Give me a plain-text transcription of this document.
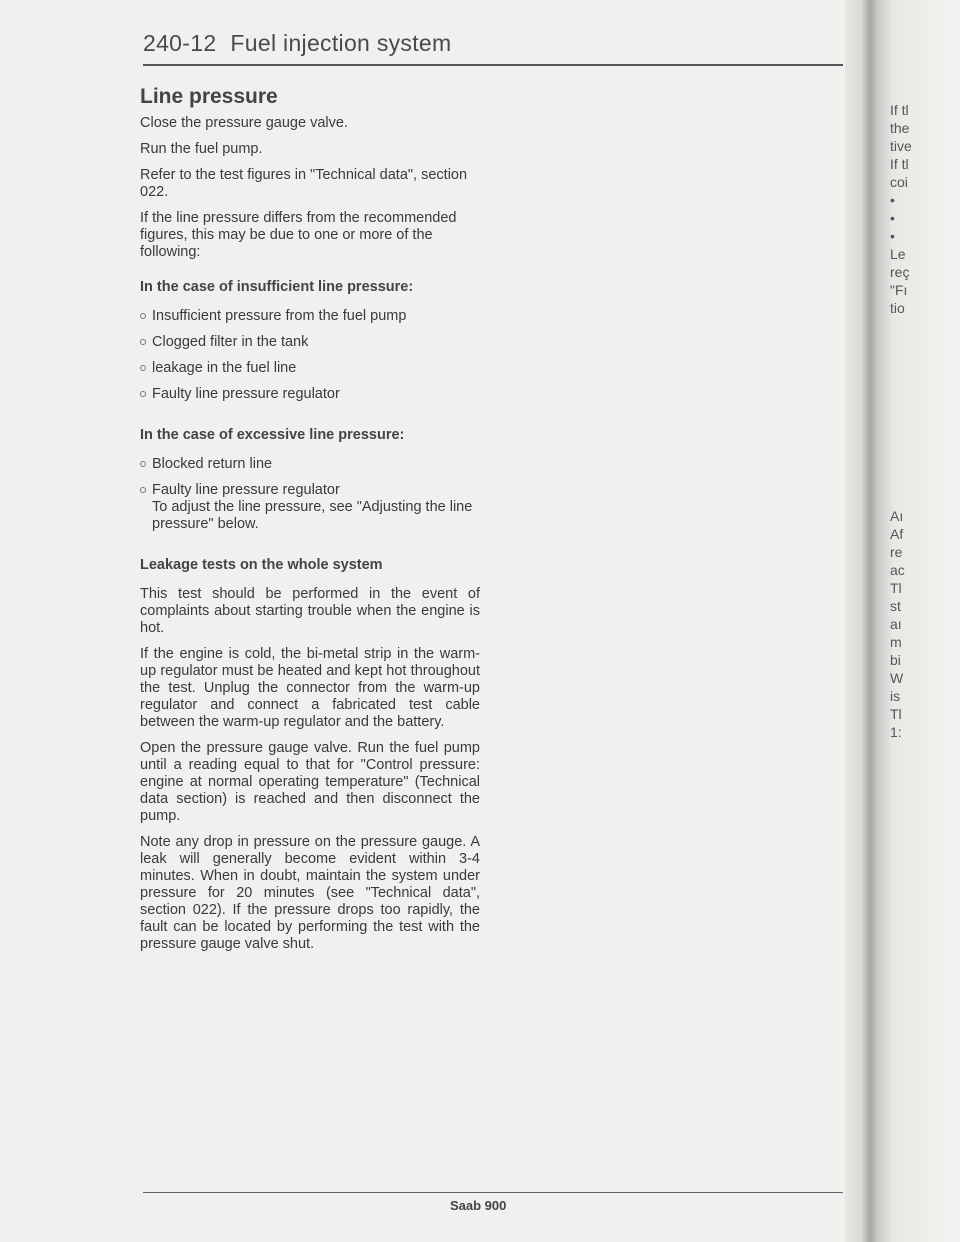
240-12 Fuel injection system
Line pressure

Close the pressure gauge valve.

Run the fuel pump.

Refer to the test figures in "Technical data", section 022.

If the line pressure differs from the recommended figures, this may be due to one or more of the following:

In the case of insufficient line pressure:
Insufficient pressure from the fuel pump
Clogged filter in the tank
leakage in the fuel line
Faulty line pressure regulator
In the case of excessive line pressure:
Blocked return line
Faulty line pressure regulator
To adjust the line pressure, see "Adjusting the line pressure" below.
Leakage tests on the whole system

This test should be performed in the event of complaints about starting trouble when the engine is hot.

If the engine is cold, the bi-metal strip in the warm-up regulator must be heated and kept hot throughout the test. Unplug the connector from the warm-up regulator and connect a fabricated test cable between the warm-up regulator and the battery.

Open the pressure gauge valve. Run the fuel pump until a reading equal to that for "Control pressure: engine at normal operating temperature" (Technical data section) is reached and then disconnect the pump.

Note any drop in pressure on the pressure gauge. A leak will generally become evident within 3-4 minutes. When in doubt, maintain the system under pressure for 20 minutes (see "Technical data", section 022). If the pressure drops too rapidly, the fault can be located by performing the test with the pressure gauge valve shut.

Saab 900
If tl
the
tive
If tl
coi
•
•
•
Le
reç
"Fı
tio
Aı
Af
re
ac
Tl
st
aı
m
bi
W
is
Tl
1:
